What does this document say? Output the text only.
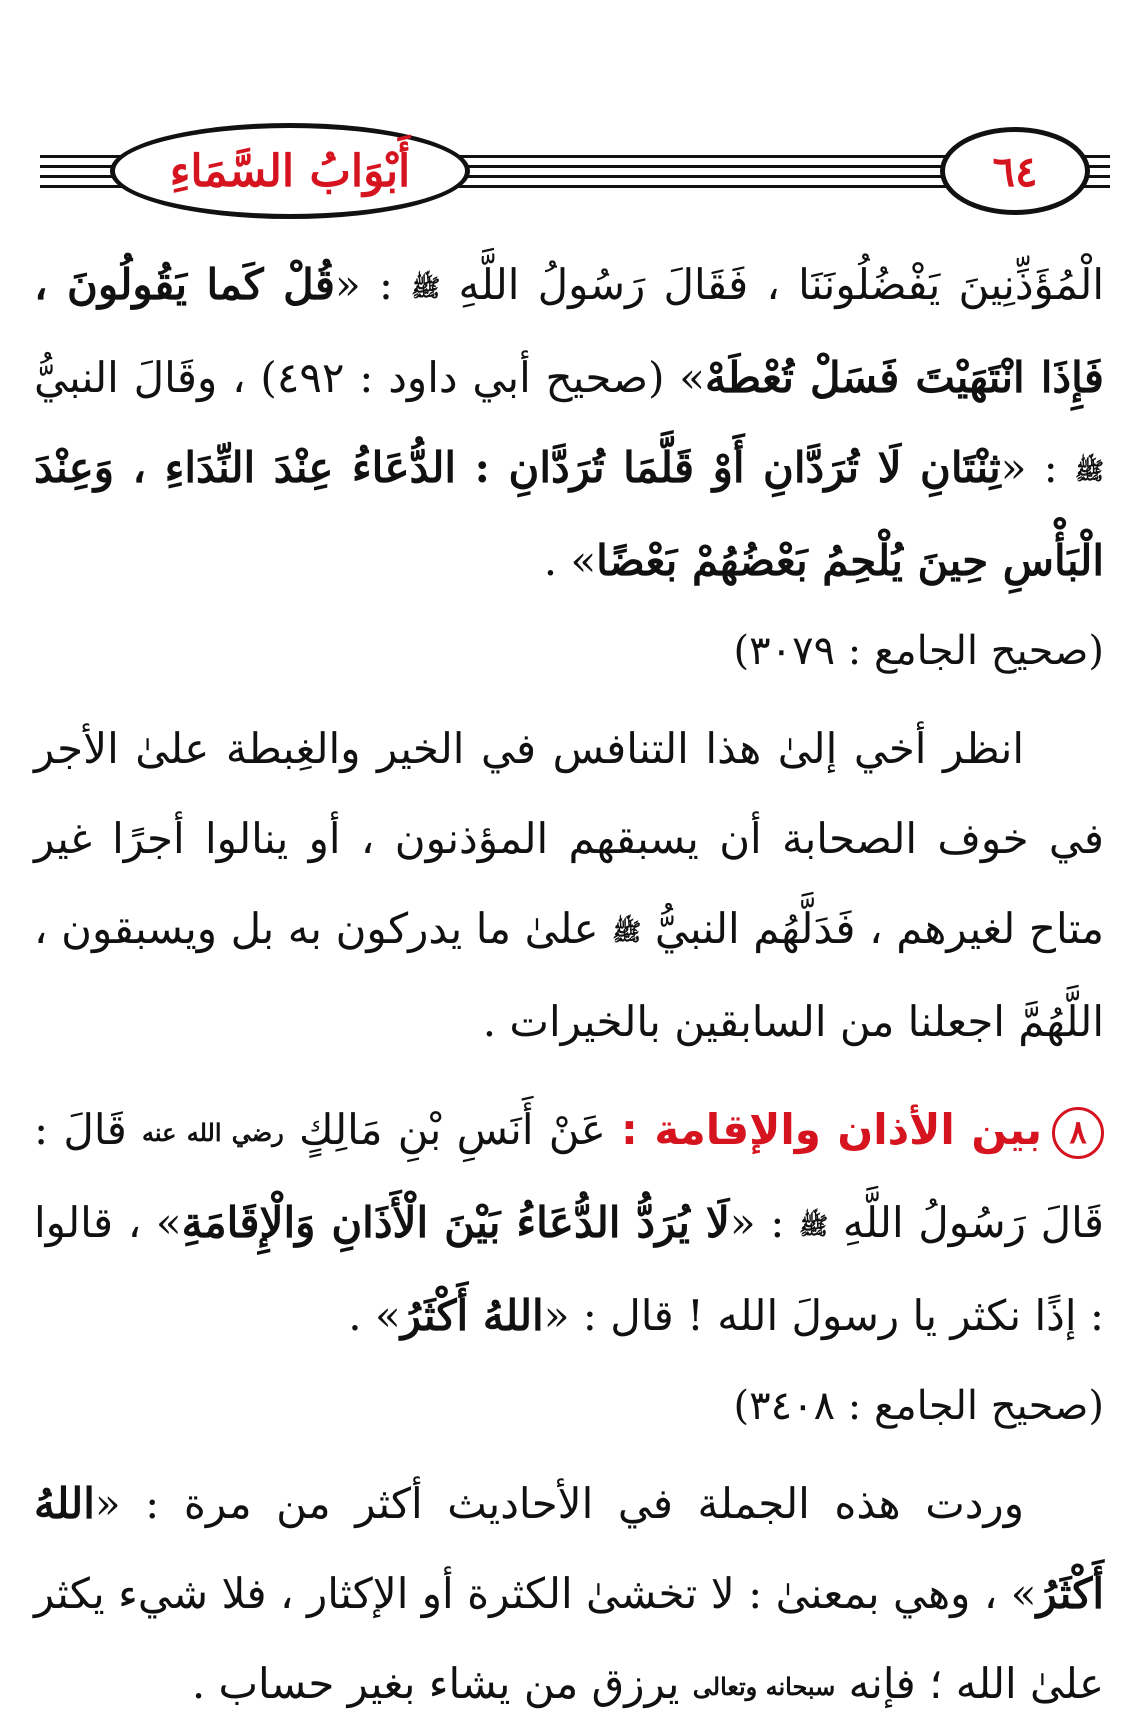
أَبْوَابُ السَّمَاءِ	٦٤

الْمُؤَذِّنِينَ يَفْضُلُونَنَا ، فَقَالَ رَسُولُ اللَّهِ ﷺ : «قُلْ كَما يَقُولُونَ ، فَإِذَا انْتَهَيْتَ فَسَلْ تُعْطَهْ» (صحيح أبي داود : ٤٩٢) ، وقَالَ النبيُّ ﷺ : «ثِنْتَانِ لَا تُرَدَّانِ أَوْ قَلَّمَا تُرَدَّانِ : الدُّعَاءُ عِنْدَ النِّدَاءِ ، وَعِنْدَ الْبَأْسِ حِينَ يُلْحِمُ بَعْضُهُمْ بَعْضًا» .

(صحيح الجامع : ٣٠٧٩)

انظر أخي إلىٰ هذا التنافس في الخير والغِبطة علىٰ الأجر في خوف الصحابة أن يسبقهم المؤذنون ، أو ينالوا أجرًا غير متاح لغيرهم ، فَدَلَّهُم النبيُّ ﷺ علىٰ ما يدركون به بل ويسبقون ، اللَّهُمَّ اجعلنا من السابقين بالخيرات .

٨بين الأذان والإقامة : عَنْ أَنَسِ بْنِ مَالِكٍ رضي الله عنه قَالَ : قَالَ رَسُولُ اللَّهِ ﷺ : «لَا يُرَدُّ الدُّعَاءُ بَيْنَ الْأَذَانِ وَالْإِقَامَةِ» ، قالوا : إذًا نكثر يا رسولَ الله ! قال : «اللهُ أَكْثَرُ» .

(صحيح الجامع : ٣٤٠٨)

وردت هذه الجملة في الأحاديث أكثر من مرة : «اللهُ أَكْثَرُ» ، وهي بمعنىٰ : لا تخشىٰ الكثرة أو الإكثار ، فلا شيء يكثر علىٰ الله ؛ فإنه سبحانه وتعالى يرزق من يشاء بغير حساب .
